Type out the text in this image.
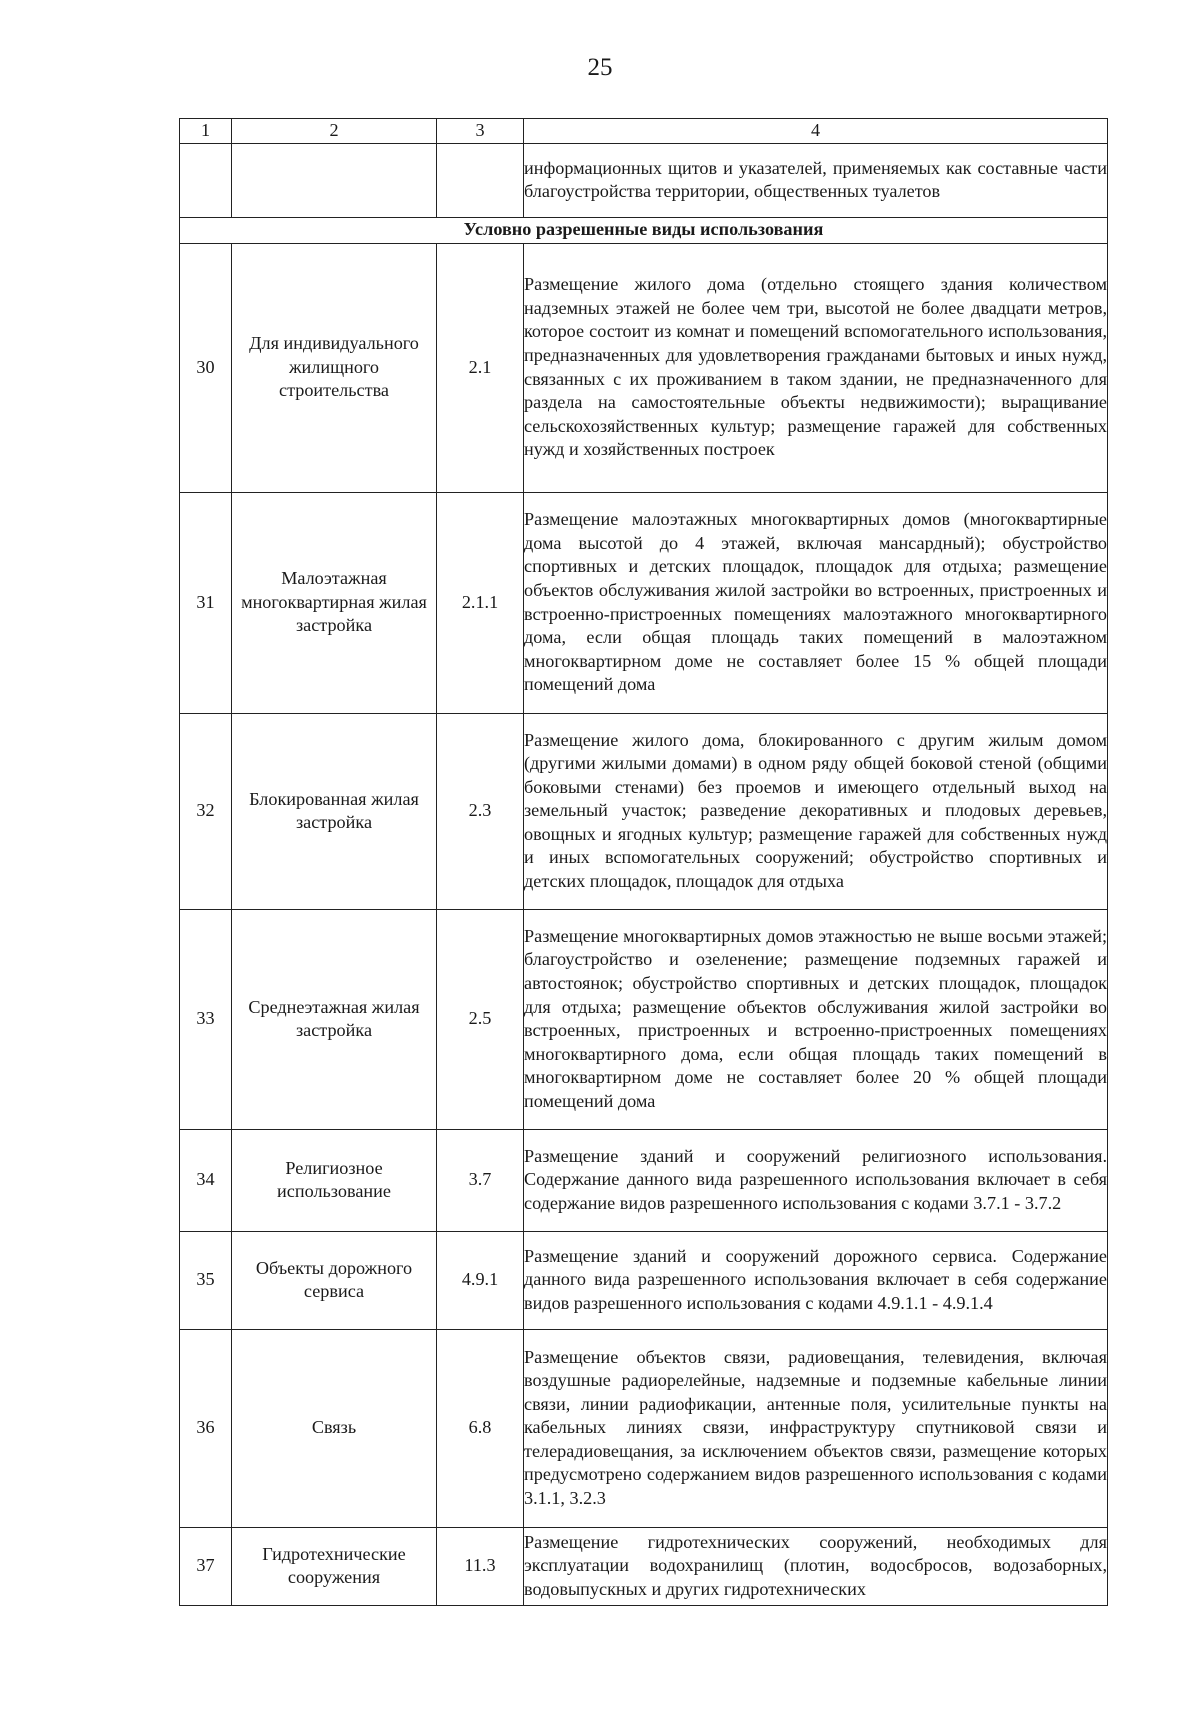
25
1	2	3	4
			информационных щитов и указателей, применяемых как составные части благоустройства территории, общественных туалетов
Условно разрешенные виды использования			
30	Для индивидуального жилищного строительства	2.1	Размещение жилого дома (отдельно стоящего здания количеством надземных этажей не более чем три, высотой не более двадцати метров, которое состоит из комнат и помещений вспомогательного использования, предназначенных для удовлетворения гражданами бытовых и иных нужд, связанных с их проживанием в таком здании, не предназначенного для раздела на самостоятельные объекты недвижимости); выращивание сельскохозяйственных культур; размещение гаражей для собственных нужд и хозяйственных построек
31	Малоэтажная многоквартирная жилая застройка	2.1.1	Размещение малоэтажных многоквартирных домов (многоквартирные дома высотой до 4 этажей, включая мансардный); обустройство спортивных и детских площадок, площадок для отдыха; размещение объектов обслуживания жилой застройки во встроенных, пристроенных и встроенно-пристроенных помещениях малоэтажного многоквартирного дома, если общая площадь таких помещений в малоэтажном многоквартирном доме не составляет более 15 % общей площади помещений дома
32	Блокированная жилая застройка	2.3	Размещение жилого дома, блокированного с другим жилым домом (другими жилыми домами) в одном ряду общей боковой стеной (общими боковыми стенами) без проемов и имеющего отдельный выход на земельный участок; разведение декоративных и плодовых деревьев, овощных и ягодных культур; размещение гаражей для собственных нужд и иных вспомогательных сооружений; обустройство спортивных и детских площадок, площадок для отдыха
33	Среднеэтажная жилая застройка	2.5	Размещение многоквартирных домов этажностью не выше восьми этажей; благоустройство и озеленение; размещение подземных гаражей и автостоянок; обустройство спортивных и детских площадок, площадок для отдыха; размещение объектов обслуживания жилой застройки во встроенных, пристроенных и встроенно-пристроенных помещениях многоквартирного дома, если общая площадь таких помещений в многоквартирном доме не составляет более 20 % общей площади помещений дома
34	Религиозное использование	3.7	Размещение зданий и сооружений религиозного использования. Содержание данного вида разрешенного использования включает в себя содержание видов разрешенного использования с кодами 3.7.1 - 3.7.2
35	Объекты дорожного сервиса	4.9.1	Размещение зданий и сооружений дорожного сервиса. Содержание данного вида разрешенного использования включает в себя содержание видов разрешенного использования с кодами 4.9.1.1 - 4.9.1.4
36	Связь	6.8	Размещение объектов связи, радиовещания, телевидения, включая воздушные радиорелейные, надземные и подземные кабельные линии связи, линии радиофикации, антенные поля, усилительные пункты на кабельных линиях связи, инфраструктуру спутниковой связи и телерадиовещания, за исключением объектов связи, размещение которых предусмотрено содержанием видов разрешенного использования с кодами 3.1.1, 3.2.3
37	Гидротехнические сооружения	11.3	Размещение гидротехнических сооружений, необходимых для эксплуатации водохранилищ (плотин, водосбросов, водозаборных, водовыпускных и других гидротехнических
